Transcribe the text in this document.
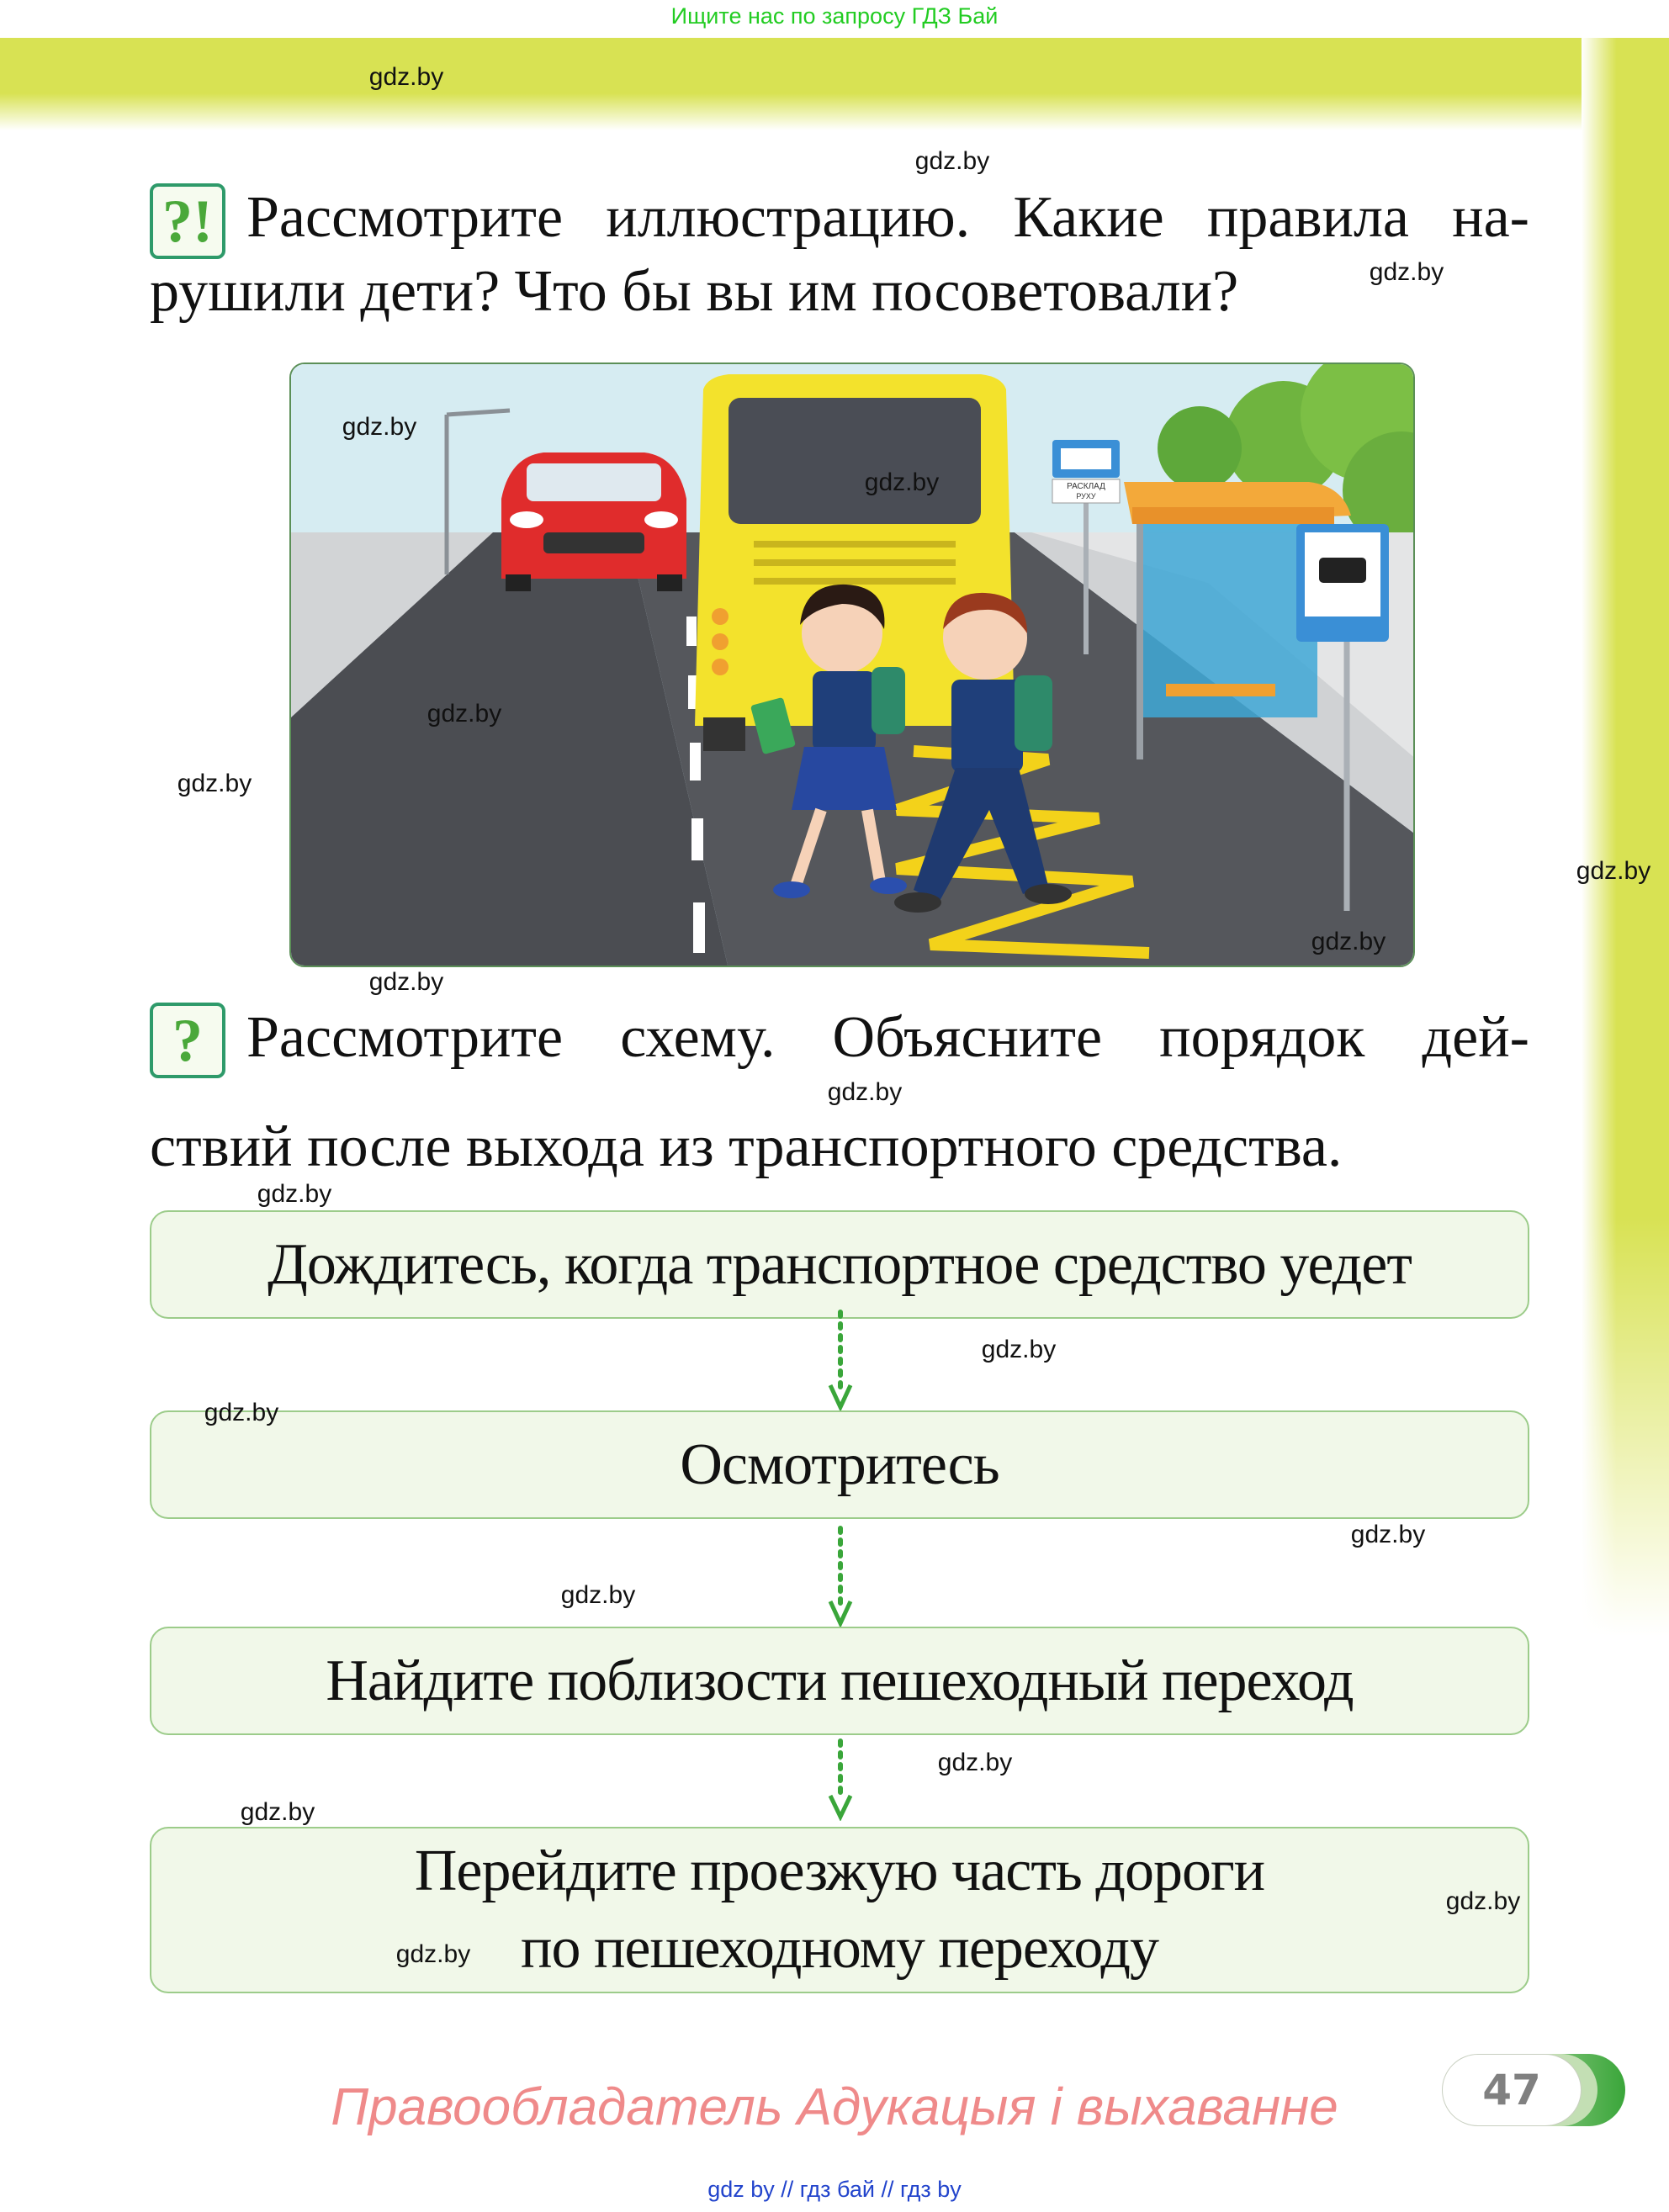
Ищите нас по запросу ГДЗ Бай
?! Рассмотрите иллюстрацию. Какие правила на-
рушили дети? Что бы вы им посоветовали?
РАСКЛАД
РУХУ
? Рассмотрите схему. Объясните порядок дей-
ствий после выхода из транспортного средства.
Дождитесь, когда транспортное средство уедет
Осмотритесь
Найдите поблизости пешеходный переход
Перейдите проезжую часть дороги
по пешеходному переходу
Правообладатель Адукацыя і выхаванне	47
gdz by // гдз бай // гдз by
gdz.by
gdz.by
gdz.by
gdz.by
gdz.by
gdz.by
gdz.by
gdz.by
gdz.by
gdz.by
gdz.by
gdz.by
gdz.by
gdz.by
gdz.by
gdz.by
gdz.by
gdz.by
gdz.by
gdz.by
